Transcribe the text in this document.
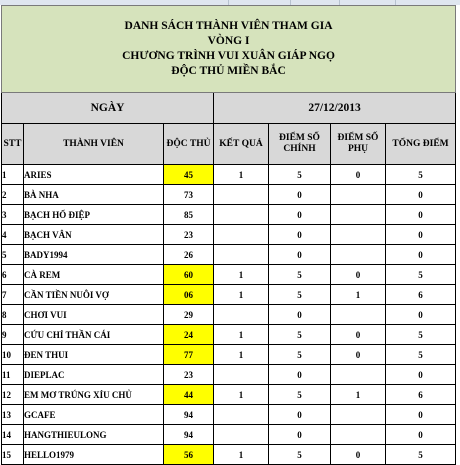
DANH SÁCH THÀNH VIÊN THAM GIA
VÒNG I
CHƯƠNG TRÌNH VUI XUÂN GIÁP NGỌ
ĐỘC THỦ MIỀN BẮC						

NGÀY			27/12/2013			
STT	THÀNH VIÊN	ĐỘC THỦ	KẾT QUẢ	ĐIỂM SỐ CHÍNH	ĐIỂM SỐ PHỤ	TỔNG ĐIỂM
1	ARIES	45	1	5	0	5
2	BÀ NHA	73		0		0
3	BẠCH HỔ ĐIỆP	85		0		0
4	BẠCH VÂN	23		0		0
5	BADY1994	26		0		0
6	CÀ REM	60	1	5	0	5
7	CẦN TIỀN NUÔI VỢ	06	1	5	1	6
8	CHƠI VUI	29		0		0
9	CỨU CHỈ THẦN CÁI	24	1	5	0	5
10	ĐEN THUI	77	1	5	0	5
11	DIEPLAC	23		0		0
12	EM MƠ TRÚNG XỈU CHỦ	44	1	5	1	6
13	GCAFE	94		0		0
14	HANGTHIEULONG	94		0		0
15	HELLO1979	56	1	5	0	5
